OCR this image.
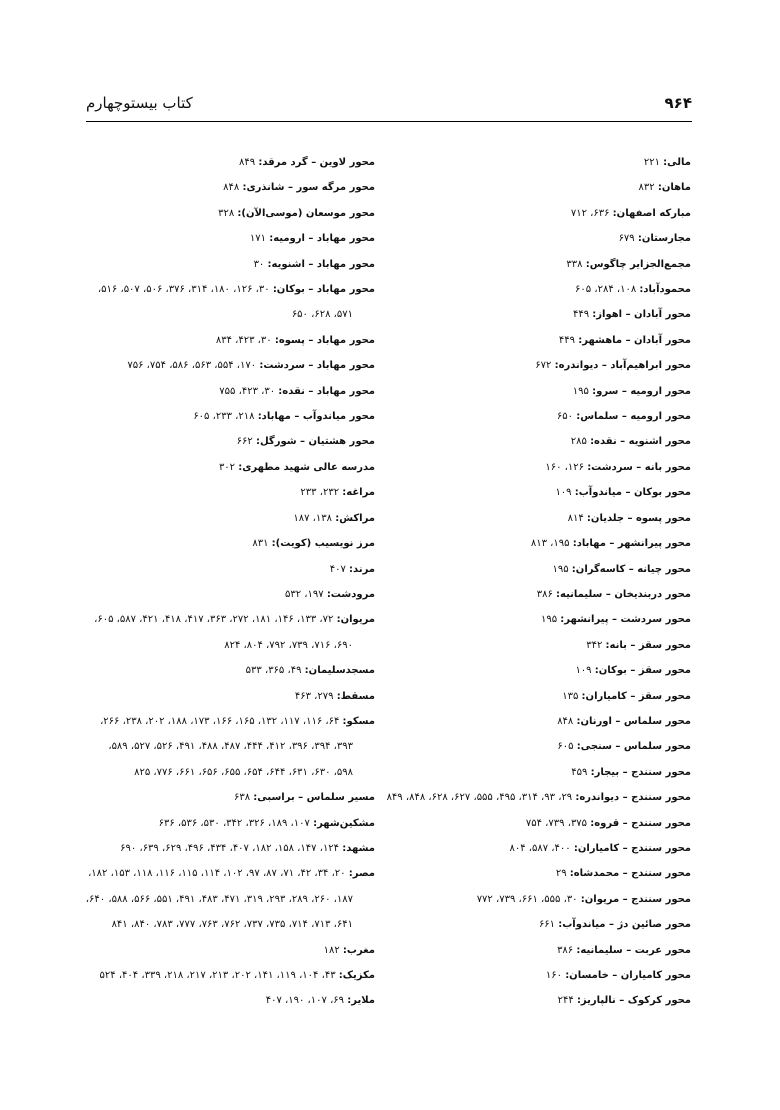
۹۶۴
کتاب بیستوچهارم
مالی: ۲۲۱
ماهان: ۸۳۲
مبارکه اصفهان: ۶۳۶، ۷۱۲
مجارستان: ۶۷۹
مجمع‌الجزایر چاگوس: ۳۳۸
محمودآباد: ۱۰۸، ۲۸۴، ۶۰۵
محور آبادان – اهواز: ۴۴۹
محور آبادان – ماهشهر: ۴۴۹
محور ابراهیم‌آباد – دیواندره: ۶۷۲
محور ارومیه – سرو: ۱۹۵
محور ارومیه – سلماس: ۶۵۰
محور اشنویه – نقده: ۲۸۵
محور بانه – سردشت: ۱۲۶، ۱۶۰
محور بوکان – میاندوآب: ۱۰۹
محور پسوه – جلدیان: ۸۱۴
محور پیرانشهر – مهاباد: ۱۹۵، ۸۱۳
محور چیانه – کاسه‌گران: ۱۹۵
محور دربندیخان – سلیمانیه: ۳۸۶
محور سردشت – پیرانشهر: ۱۹۵
محور سقز – بانه: ۳۴۲
محور سقز – بوکان: ۱۰۹
محور سقز – کامیاران: ۱۳۵
محور سلماس – اورنان: ۸۴۸
محور سلماس – سنجی: ۶۰۵
محور سنندج – بیجار: ۴۵۹
محور سنندج – دیواندره: ۲۹، ۹۳، ۳۱۴، ۴۹۵، ۵۵۵، ۶۲۷، ۶۲۸، ۸۴۸، ۸۴۹
محور سنندج – قروه: ۳۷۵، ۷۳۹، ۷۵۴
محور سنندج – کامیاران: ۴۰۰، ۵۸۷، ۸۰۴
محور سنندج – محمدشاه: ۲۹
محور سنندج – مریوان: ۳۰، ۵۵۵، ۶۶۱، ۷۳۹، ۷۷۲
محور صائین دژ – میاندوآب: ۶۶۱
محور عربت – سلیمانیه: ۳۸۶
محور کامیاران – خامسان: ۱۶۰
محور کرکوک – نالپاریز: ۲۴۴
محور لاوین – گرد مرقد: ۸۴۹
محور مرگه سور – شانذری: ۸۴۸
محور موسعان (موسی‌الآن): ۳۲۸
محور مهاباد – ارومیه: ۱۷۱
محور مهاباد – اشنویه: ۳۰
محور مهاباد – بوکان: ۳۰، ۱۲۶، ۱۸۰، ۳۱۴، ۳۷۶، ۵۰۶، ۵۰۷، ۵۱۶،
۵۷۱، ۶۲۸، ۶۵۰
محور مهاباد – پسوه: ۳۰، ۴۲۳، ۸۳۴
محور مهاباد – سردشت: ۱۷۰، ۵۵۴، ۵۶۳، ۵۸۶، ۷۵۴، ۷۵۶
محور مهاباد – نقده: ۳۰، ۴۲۳، ۷۵۵
محور میاندوآب – مهاباد: ۲۱۸، ۲۳۳، ۶۰۵
محور هشتیان – شورگل: ۶۶۲
مدرسه عالی شهید مطهری: ۳۰۲
مراغه: ۲۳۲، ۲۳۳
مراکش: ۱۳۸، ۱۸۷
مرز نویسیب (کویت): ۸۳۱
مرند: ۴۰۷
مرودشت: ۱۹۷، ۵۳۲
مریوان: ۷۲، ۱۳۳، ۱۴۶، ۱۸۱، ۲۷۲، ۳۶۳، ۴۱۷، ۴۱۸، ۴۲۱، ۵۸۷، ۶۰۵،
۶۹۰، ۷۱۶، ۷۳۹، ۷۹۲، ۸۰۴، ۸۲۴
مسجدسلیمان: ۴۹، ۳۶۵، ۵۳۳
مسقط: ۲۷۹، ۴۶۳
مسکو: ۶۴، ۱۱۶، ۱۱۷، ۱۳۲، ۱۶۵، ۱۶۶، ۱۷۳، ۱۸۸، ۲۰۲، ۲۳۸، ۲۶۶،
۳۹۳، ۳۹۴، ۳۹۶، ۴۱۲، ۴۴۴، ۴۸۷، ۴۸۸، ۴۹۱، ۵۲۶، ۵۲۷، ۵۸۹،
۵۹۸، ۶۳۰، ۶۳۱، ۶۴۴، ۶۵۴، ۶۵۵، ۶۵۶، ۶۶۱، ۷۷۶، ۸۲۵
مسیر سلماس – براسبی: ۶۳۸
مشکین‌شهر: ۱۰۷، ۱۸۹، ۳۲۶، ۳۴۲، ۵۳۰، ۵۳۶، ۶۳۶
مشهد: ۱۲۴، ۱۴۷، ۱۵۸، ۱۸۲، ۴۰۷، ۴۳۴، ۴۹۶، ۶۲۹، ۶۳۹، ۶۹۰
مصر: ۲۰، ۳۴، ۴۲، ۷۱، ۸۷، ۹۷، ۱۰۲، ۱۱۴، ۱۱۵، ۱۱۶، ۱۱۸، ۱۵۳، ۱۸۲،
۱۸۷، ۲۶۰، ۲۸۹، ۲۹۳، ۳۱۹، ۴۷۱، ۴۸۳، ۴۹۱، ۵۵۱، ۵۶۶، ۵۸۸، ۶۴۰،
۶۴۱، ۷۱۳، ۷۱۴، ۷۳۵، ۷۳۷، ۷۶۲، ۷۶۳، ۷۷۷، ۷۸۳، ۸۴۰، ۸۴۱
مغرب: ۱۸۲
مکزیک: ۴۳، ۱۰۴، ۱۱۹، ۱۴۱، ۲۰۲، ۲۱۳، ۲۱۷، ۲۱۸، ۳۳۹، ۴۰۴، ۵۲۴
ملایر: ۶۹، ۱۰۷، ۱۹۰، ۴۰۷
